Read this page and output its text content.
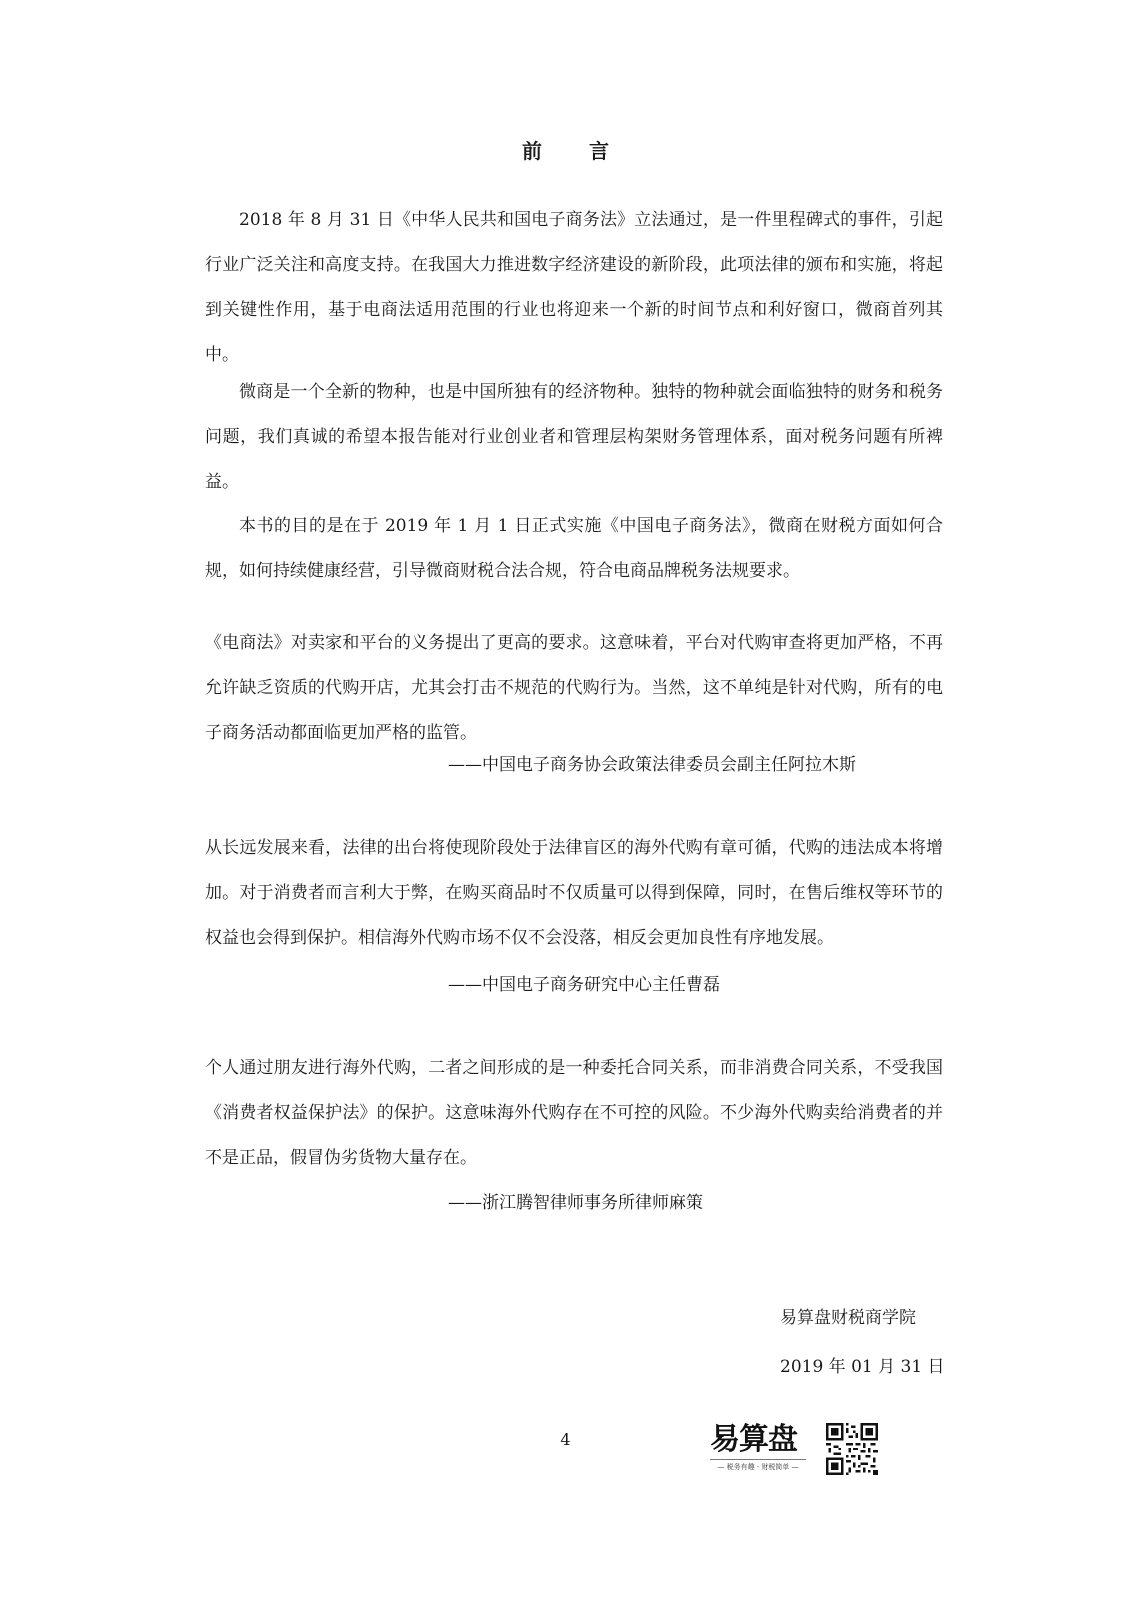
前 言

2018 年 8 月 31 日《中华人民共和国电子商务法》立法通过，是一件里程碑式的事件，引起行业广泛关注和高度支持。在我国大力推进数字经济建设的新阶段，此项法律的颁布和实施，将起到关键性作用，基于电商法适用范围的行业也将迎来一个新的时间节点和利好窗口，微商首列其中。

微商是一个全新的物种，也是中国所独有的经济物种。独特的物种就会面临独特的财务和税务问题，我们真诚的希望本报告能对行业创业者和管理层构架财务管理体系，面对税务问题有所裨益。

本书的目的是在于 2019 年 1 月 1 日正式实施《中国电子商务法》，微商在财税方面如何合规，如何持续健康经营，引导微商财税合法合规，符合电商品牌税务法规要求。

《电商法》对卖家和平台的义务提出了更高的要求。这意味着，平台对代购审查将更加严格，不再允许缺乏资质的代购开店，尤其会打击不规范的代购行为。当然，这不单纯是针对代购，所有的电子商务活动都面临更加严格的监管。

——中国电子商务协会政策法律委员会副主任阿拉木斯

从长远发展来看，法律的出台将使现阶段处于法律盲区的海外代购有章可循，代购的违法成本将增加。对于消费者而言利大于弊，在购买商品时不仅质量可以得到保障，同时，在售后维权等环节的权益也会得到保护。相信海外代购市场不仅不会没落，相反会更加良性有序地发展。

——中国电子商务研究中心主任曹磊

个人通过朋友进行海外代购，二者之间形成的是一种委托合同关系，而非消费合同关系，不受我国《消费者权益保护法》的保护。这意味海外代购存在不可控的风险。不少海外代购卖给消费者的并不是正品，假冒伪劣货物大量存在。

——浙江腾智律师事务所律师麻策
易算盘财税商学院
2019 年 01 月 31 日
4	易算盘
— 税务有趣 · 财税简单 —
